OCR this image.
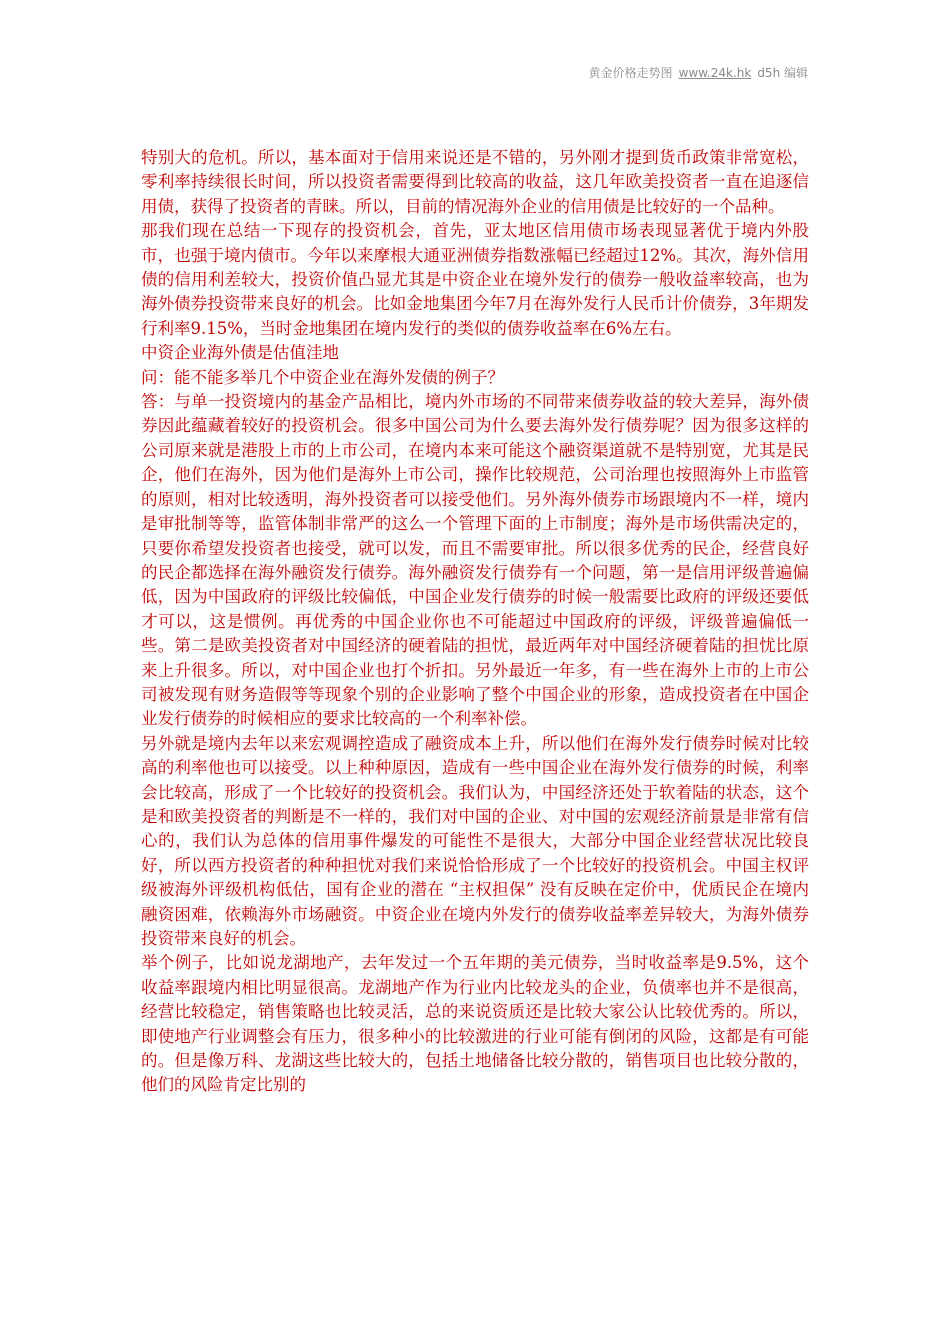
黄金价格走势图 www.24k.hk d5h 编辑

特别大的危机。所以，基本面对于信用来说还是不错的，另外刚才提到货币政策非常宽松，零利率持续很长时间，所以投资者需要得到比较高的收益，这几年欧美投资者一直在追逐信用债，获得了投资者的青睐。所以，目前的情况海外企业的信用债是比较好的一个品种。

那我们现在总结一下现存的投资机会，首先，亚太地区信用债市场表现显著优于境内外股市，也强于境内债市。今年以来摩根大通亚洲债券指数涨幅已经超过12%。其次，海外信用债的信用利差较大，投资价值凸显尤其是中资企业在境外发行的债券一般收益率较高，也为海外债券投资带来良好的机会。比如金地集团今年7月在海外发行人民币计价债券，3年期发行利率9.15%，当时金地集团在境内发行的类似的债券收益率在6%左右。

中资企业海外债是估值洼地

问：能不能多举几个中资企业在海外发债的例子？

答：与单一投资境内的基金产品相比，境内外市场的不同带来债券收益的较大差异，海外债券因此蕴藏着较好的投资机会。很多中国公司为什么要去海外发行债券呢？因为很多这样的公司原来就是港股上市的上市公司，在境内本来可能这个融资渠道就不是特别宽，尤其是民企，他们在海外，因为他们是海外上市公司，操作比较规范，公司治理也按照海外上市监管的原则，相对比较透明，海外投资者可以接受他们。另外海外债券市场跟境内不一样，境内是审批制等等，监管体制非常严的这么一个管理下面的上市制度；海外是市场供需决定的，只要你希望发投资者也接受，就可以发，而且不需要审批。所以很多优秀的民企，经营良好的民企都选择在海外融资发行债券。海外融资发行债券有一个问题，第一是信用评级普遍偏低，因为中国政府的评级比较偏低，中国企业发行债券的时候一般需要比政府的评级还要低才可以，这是惯例。再优秀的中国企业你也不可能超过中国政府的评级，评级普遍偏低一些。第二是欧美投资者对中国经济的硬着陆的担忧，最近两年对中国经济硬着陆的担忧比原来上升很多。所以，对中国企业也打个折扣。另外最近一年多，有一些在海外上市的上市公司被发现有财务造假等等现象个别的企业影响了整个中国企业的形象，造成投资者在中国企业发行债券的时候相应的要求比较高的一个利率补偿。

另外就是境内去年以来宏观调控造成了融资成本上升，所以他们在海外发行债券时候对比较高的利率他也可以接受。以上种种原因，造成有一些中国企业在海外发行债券的时候，利率会比较高，形成了一个比较好的投资机会。我们认为，中国经济还处于软着陆的状态，这个是和欧美投资者的判断是不一样的，我们对中国的企业、对中国的宏观经济前景是非常有信心的，我们认为总体的信用事件爆发的可能性不是很大，大部分中国企业经营状况比较良好，所以西方投资者的种种担忧对我们来说恰恰形成了一个比较好的投资机会。中国主权评级被海外评级机构低估，国有企业的潜在 “主权担保” 没有反映在定价中，优质民企在境内融资困难，依赖海外市场融资。中资企业在境内外发行的债券收益率差异较大，为海外债券投资带来良好的机会。

举个例子，比如说龙湖地产，去年发过一个五年期的美元债券，当时收益率是9.5%，这个收益率跟境内相比明显很高。龙湖地产作为行业内比较龙头的企业，负债率也并不是很高，经营比较稳定，销售策略也比较灵活，总的来说资质还是比较大家公认比较优秀的。所以，即使地产行业调整会有压力，很多种小的比较激进的行业可能有倒闭的风险，这都是有可能的。但是像万科、龙湖这些比较大的，包括土地储备比较分散的，销售项目也比较分散的，他们的风险肯定比别的
